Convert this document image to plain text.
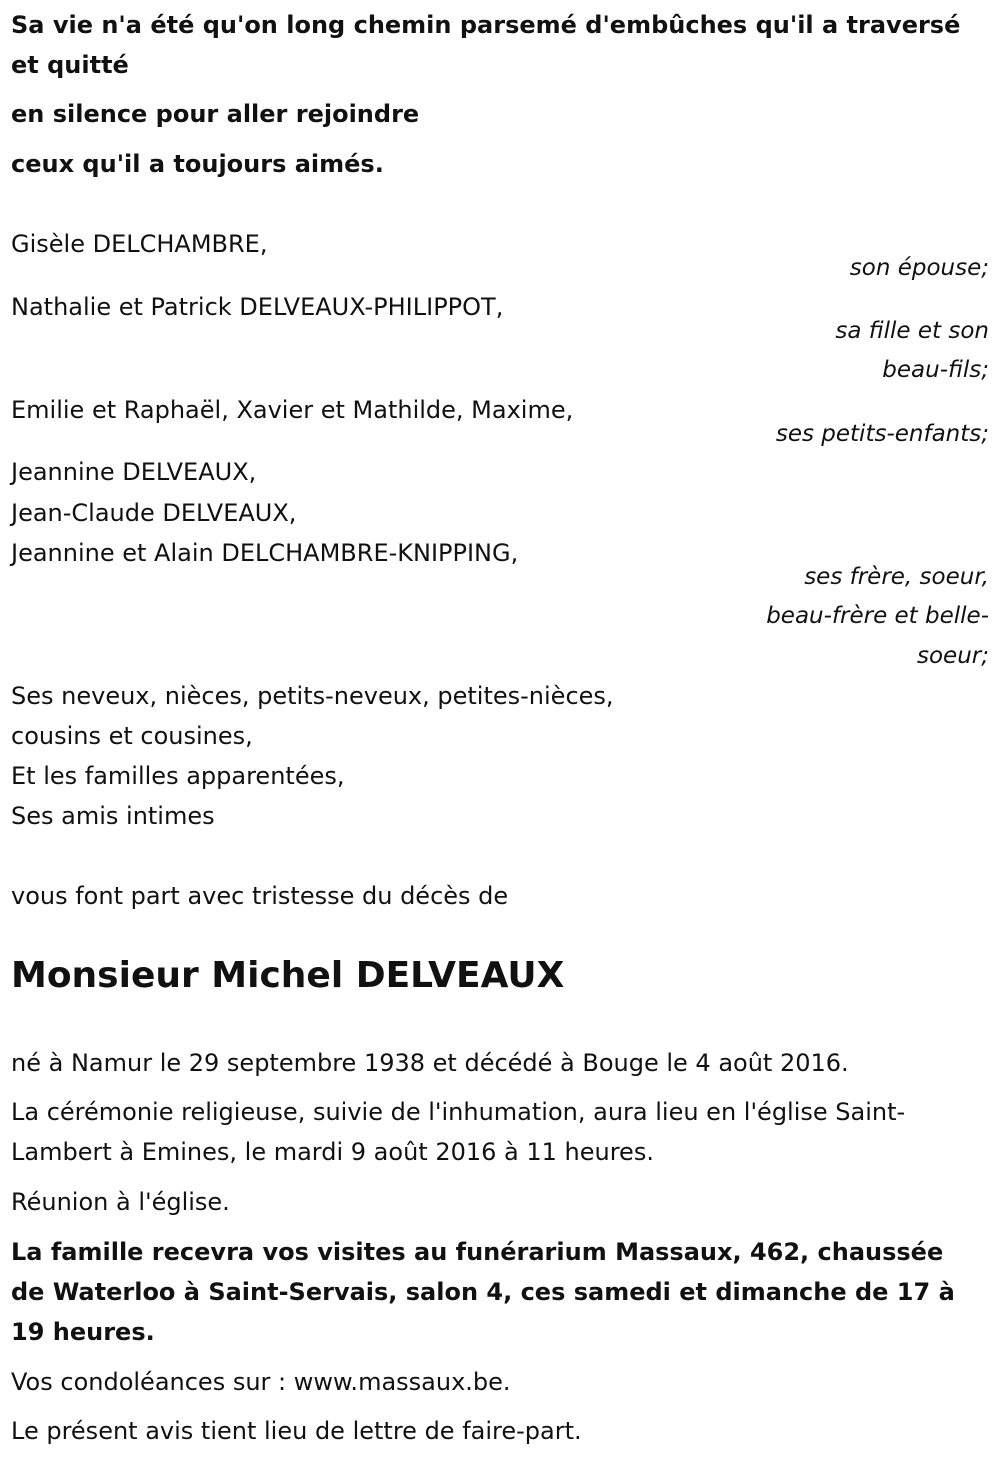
Sa vie n'a été qu'on long chemin parsemé d'embûches qu'il a traversé
et quitté
en silence pour aller rejoindre
ceux qu'il a toujours aimés.
Gisèle DELCHAMBRE,
son épouse;
Nathalie et Patrick DELVEAUX-PHILIPPOT,
sa fille et son
beau-fils;
Emilie et Raphaël, Xavier et Mathilde, Maxime,
ses petits-enfants;
Jeannine DELVEAUX,
Jean-Claude DELVEAUX,
Jeannine et Alain DELCHAMBRE-KNIPPING,
ses frère, soeur,
beau-frère et belle-
soeur;
Ses neveux, nièces, petits-neveux, petites-nièces,
cousins et cousines,
Et les familles apparentées,
Ses amis intimes
vous font part avec tristesse du décès de
Monsieur Michel DELVEAUX
né à Namur le 29 septembre 1938 et décédé à Bouge le 4 août 2016.
La cérémonie religieuse, suivie de l'inhumation, aura lieu en l'église Saint-
Lambert à Emines, le mardi 9 août 2016 à 11 heures.
Réunion à l'église.
La famille recevra vos visites au funérarium Massaux, 462, chaussée
de Waterloo à Saint-Servais, salon 4, ces samedi et dimanche de 17 à
19 heures.
Vos condoléances sur : www.massaux.be.
Le présent avis tient lieu de lettre de faire-part.
